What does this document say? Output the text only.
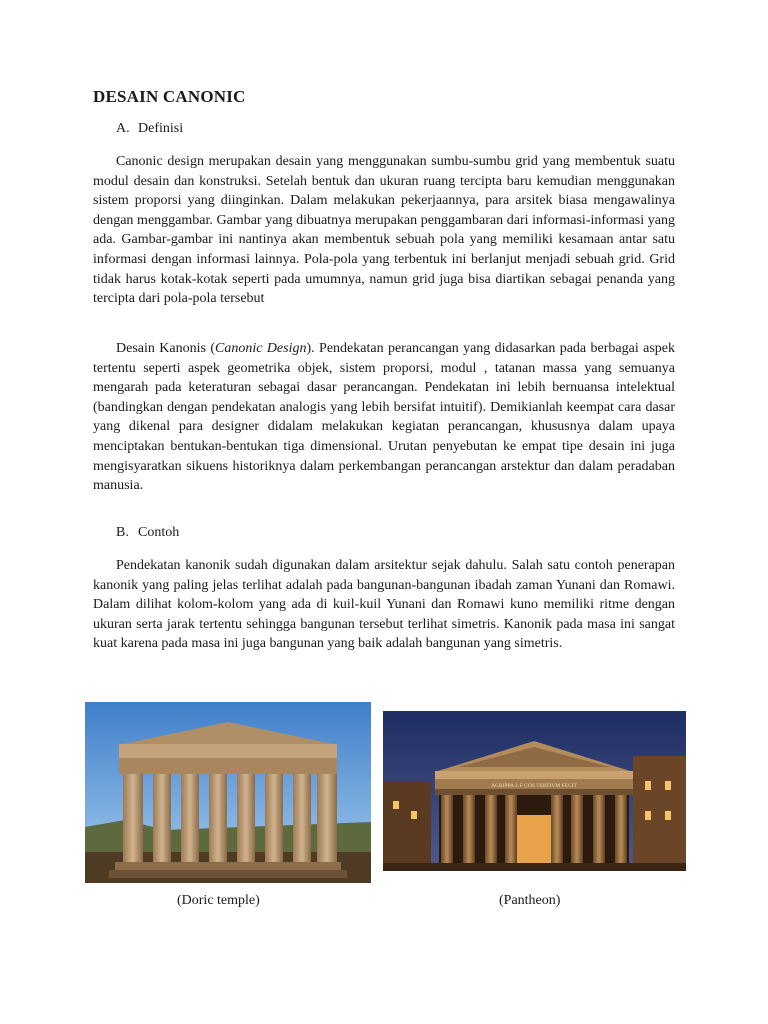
DESAIN CANONIC
A. Definisi

Canonic design merupakan desain yang menggunakan sumbu-sumbu grid yang membentuk suatu modul desain dan konstruksi. Setelah bentuk dan ukuran ruang tercipta baru kemudian menggunakan sistem proporsi yang diinginkan. Dalam melakukan pekerjaannya, para arsitek biasa mengawalinya dengan menggambar. Gambar yang dibuatnya merupakan penggambaran dari informasi-informasi yang ada. Gambar-gambar ini nantinya akan membentuk sebuah pola yang memiliki kesamaan antar satu informasi dengan informasi lainnya. Pola-pola yang terbentuk ini berlanjut menjadi sebuah grid. Grid tidak harus kotak-kotak seperti pada umumnya, namun grid juga bisa diartikan sebagai penanda yang tercipta dari pola-pola tersebut

Desain Kanonis (Canonic Design). Pendekatan perancangan yang didasarkan pada berbagai aspek tertentu seperti aspek geometrika objek, sistem proporsi, modul , tatanan massa yang semuanya mengarah pada keteraturan sebagai dasar perancangan. Pendekatan ini lebih bernuansa intelektual (bandingkan dengan pendekatan analogis yang lebih bersifat intuitif). Demikianlah keempat cara dasar yang dikenal para designer didalam melakukan kegiatan perancangan, khususnya dalam upaya menciptakan bentukan-bentukan tiga dimensional. Urutan penyebutan ke empat tipe desain ini juga mengisyaratkan sikuens historiknya dalam perkembangan perancangan arstektur dan dalam peradaban manusia.

B. Contoh

Pendekatan kanonik sudah digunakan dalam arsitektur sejak dahulu. Salah satu contoh penerapan kanonik yang paling jelas terlihat adalah pada bangunan-bangunan ibadah zaman Yunani dan Romawi. Dalam dilihat kolom-kolom yang ada di kuil-kuil Yunani dan Romawi kuno memiliki ritme dengan ukuran serta jarak tertentu sehingga bangunan tersebut terlihat simetris. Kanonik pada masa ini sangat kuat karena pada masa ini juga bangunan yang baik adalah bangunan yang simetris.

AGRIPPA L F COS TERTIVM FECIT
(Doric temple)	(Pantheon)
